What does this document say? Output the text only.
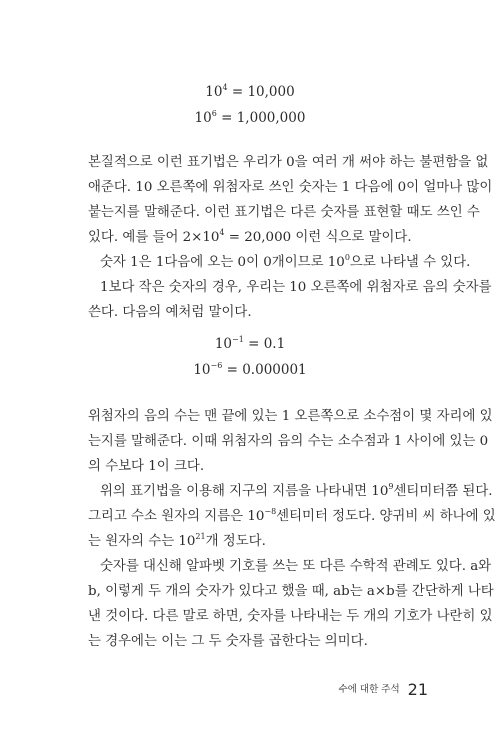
$10^4 = 10,000$
$10^6 = 1,000,000$
본질적으로 이런 표기법은 우리가 0을 여러 개 써야 하는 불편함을 없
애준다. 10 오른쪽에 위첨자로 쓰인 숫자는 1 다음에 0이 얼마나 많이
붙는지를 말해준다. 이런 표기법은 다른 숫자를 표현할 때도 쓰인 수
있다. 예를 들어 $2\times 10^4 = 20,000$ 이런 식으로 말이다.
숫자 1은 1다음에 오는 0이 0개이므로 $10^0$으로 나타낼 수 있다.
1보다 작은 숫자의 경우, 우리는 10 오른쪽에 위첨자로 음의 숫자를
쓴다. 다음의 예처럼 말이다.
$10^{-1} = 0.1$
$10^{-6} = 0.000001$
위첨자의 음의 수는 맨 끝에 있는 1 오른쪽으로 소수점이 몇 자리에 있
는지를 말해준다. 이때 위첨자의 음의 수는 소수점과 1 사이에 있는 0
의 수보다 1이 크다.
위의 표기법을 이용해 지구의 지름을 나타내면 $10^9$센티미터쯤 된다.
그리고 수소 원자의 지름은 $10^{-8}$센티미터 정도다. 양귀비 씨 하나에 있
는 원자의 수는 $10^{21}$개 정도다.
숫자를 대신해 알파벳 기호를 쓰는 또 다른 수학적 관례도 있다. a와
b, 이렇게 두 개의 숫자가 있다고 했을 때, ab는 a×b를 간단하게 나타
낸 것이다. 다른 말로 하면, 숫자를 나타내는 두 개의 기호가 나란히 있
는 경우에는 이는 그 두 숫자를 곱한다는 의미다.
수에 대한 주석 21
